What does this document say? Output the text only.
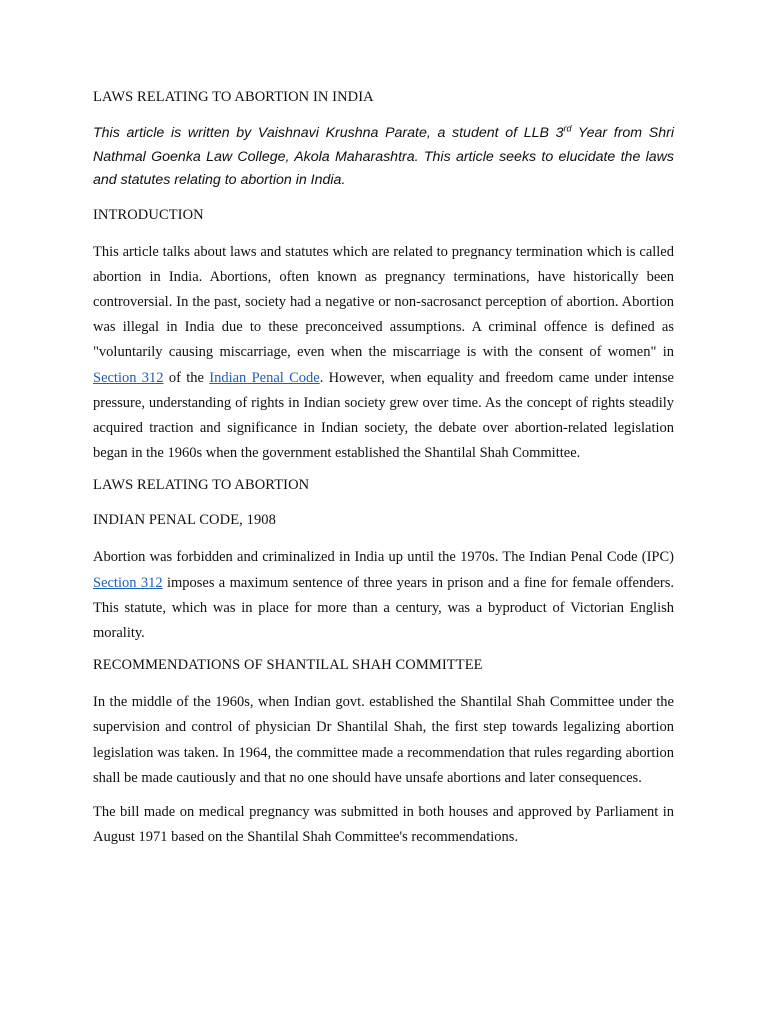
LAWS RELATING TO ABORTION IN INDIA

This article is written by Vaishnavi Krushna Parate, a student of LLB 3rd Year from Shri Nathmal Goenka Law College, Akola Maharashtra. This article seeks to elucidate the laws and statutes relating to abortion in India.

INTRODUCTION

This article talks about laws and statutes which are related to pregnancy termination which is called abortion in India. Abortions, often known as pregnancy terminations, have historically been controversial. In the past, society had a negative or non-sacrosanct perception of abortion. Abortion was illegal in India due to these preconceived assumptions. A criminal offence is defined as "voluntarily causing miscarriage, even when the miscarriage is with the consent of women" in Section 312 of the Indian Penal Code. However, when equality and freedom came under intense pressure, understanding of rights in Indian society grew over time. As the concept of rights steadily acquired traction and significance in Indian society, the debate over abortion-related legislation began in the 1960s when the government established the Shantilal Shah Committee.

LAWS RELATING TO ABORTION

INDIAN PENAL CODE, 1908

Abortion was forbidden and criminalized in India up until the 1970s. The Indian Penal Code (IPC) Section 312 imposes a maximum sentence of three years in prison and a fine for female offenders. This statute, which was in place for more than a century, was a byproduct of Victorian English morality.

RECOMMENDATIONS OF SHANTILAL SHAH COMMITTEE

In the middle of the 1960s, when Indian govt. established the Shantilal Shah Committee under the supervision and control of physician Dr Shantilal Shah, the first step towards legalizing abortion legislation was taken. In 1964, the committee made a recommendation that rules regarding abortion shall be made cautiously and that no one should have unsafe abortions and later consequences.

The bill made on medical pregnancy was submitted in both houses and approved by Parliament in August 1971 based on the Shantilal Shah Committee's recommendations.
